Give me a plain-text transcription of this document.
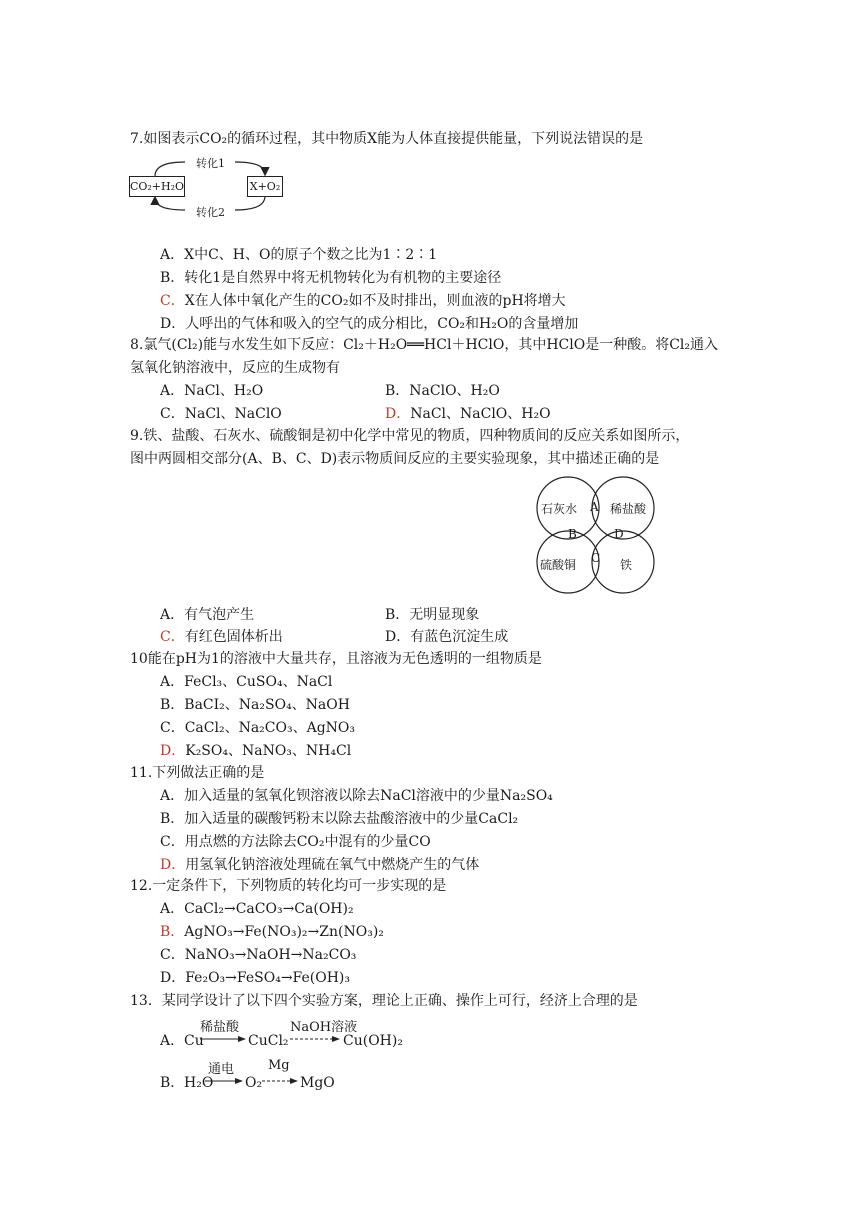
7.如图表示CO₂的循环过程，其中物质X能为人体直接提供能量，下列说法错误的是
转化1
转化2
CO₂+H₂O	X+O₂
A．X中C、H、O的原子个数之比为1∶2∶1
B．转化1是自然界中将无机物转化为有机物的主要途径
C．X在人体中氧化产生的CO₂如不及时排出，则血液的pH将增大
D．人呼出的气体和吸入的空气的成分相比，CO₂和H₂O的含量增加
8.氯气(Cl₂)能与水发生如下反应：Cl₂＋H₂O══HCl＋HClO，其中HClO是一种酸。将Cl₂通入
氢氧化钠溶液中，反应的生成物有
A．NaCl、H₂O	B．NaClO、H₂O
C．NaCl、NaClO	D．NaCl、NaClO、H₂O
9.铁、盐酸、石灰水、硫酸铜是初中化学中常见的物质，四种物质间的反应关系如图所示，
图中两圆相交部分(A、B、C、D)表示物质间反应的主要实验现象，其中描述正确的是
石灰水	稀盐酸
硫酸铜	铁
A
B
C
D
A．有气泡产生	B．无明显现象
C．有红色固体析出	D．有蓝色沉淀生成
10能在pH为1的溶液中大量共存，且溶液为无色透明的一组物质是
A．FeCl₃、CuSO₄、NaCl
B．BaCI₂、Na₂SO₄、NaOH
C．CaCl₂、Na₂CO₃、AgNO₃
D．K₂SO₄、NaNO₃、NH₄Cl
11.下列做法正确的是
A．加入适量的氢氧化钡溶液以除去NaCl溶液中的少量Na₂SO₄
B．加入适量的碳酸钙粉末以除去盐酸溶液中的少量CaCl₂
C．用点燃的方法除去CO₂中混有的少量CO
D．用氢氧化钠溶液处理硫在氧气中燃烧产生的气体
12.一定条件下，下列物质的转化均可一步实现的是
A．CaCl₂→CaCO₃→Ca(OH)₂
B．AgNO₃→Fe(NO₃)₂→Zn(NO₃)₂
C．NaNO₃→NaOH→Na₂CO₃
D．Fe₂O₃→FeSO₄→Fe(OH)₃
13．某同学设计了以下四个实验方案，理论上正确、操作上可行，经济上合理的是
A． Cu
稀盐酸
CuCl₂
NaOH溶液
Cu(OH)₂
B． H₂O
通电
O₂
Mg
MgO
